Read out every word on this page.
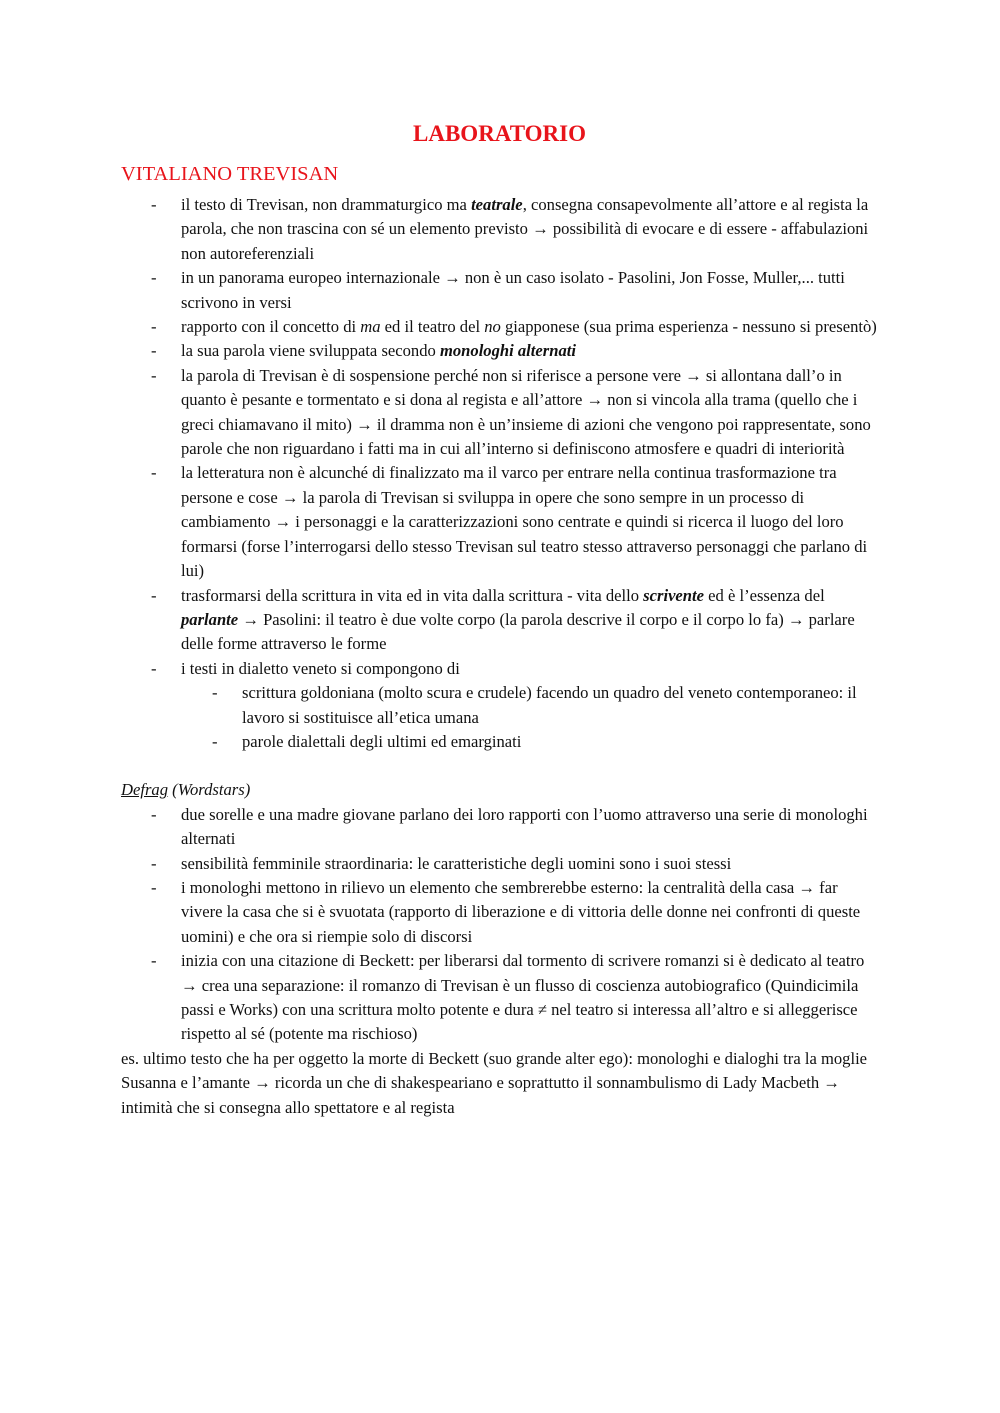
LABORATORIO
VITALIANO TREVISAN
- il testo di Trevisan, non drammaturgico ma teatrale, consegna consapevolmente all’attore e al regista la parola, che non trascina con sé un elemento previsto → possibilità di evocare e di essere - affabulazioni non autoreferenziali
- in un panorama europeo internazionale → non è un caso isolato - Pasolini, Jon Fosse, Muller,... tutti scrivono in versi
- rapporto con il concetto di ma ed il teatro del no giapponese (sua prima esperienza - nessuno si presentò)
- la sua parola viene sviluppata secondo monologhi alternati
- la parola di Trevisan è di sospensione perché non si riferisce a persone vere → si allontana dall’o in quanto è pesante e tormentato e si dona al regista e all’attore → non si vincola alla trama (quello che i greci chiamavano il mito) → il dramma non è un’insieme di azioni che vengono poi rappresentate, sono parole che non riguardano i fatti ma in cui all’interno si definiscono atmosfere e quadri di interiorità
- la letteratura non è alcunché di finalizzato ma il varco per entrare nella continua trasformazione tra persone e cose → la parola di Trevisan si sviluppa in opere che sono sempre in un processo di cambiamento → i personaggi e la caratterizzazioni sono centrate e quindi si ricerca il luogo del loro formarsi (forse l’interrogarsi dello stesso Trevisan sul teatro stesso attraverso personaggi che parlano di lui)
- trasformarsi della scrittura in vita ed in vita dalla scrittura - vita dello scrivente ed è l’essenza del parlante → Pasolini: il teatro è due volte corpo (la parola descrive il corpo e il corpo lo fa) → parlare delle forme attraverso le forme
- i testi in dialetto veneto si compongono di
- scrittura goldoniana (molto scura e crudele) facendo un quadro del veneto contemporaneo: il lavoro si sostituisce all’etica umana
- parole dialettali degli ultimi ed emarginati
Defrag (Wordstars)
- due sorelle e una madre giovane parlano dei loro rapporti con l’uomo attraverso una serie di monologhi alternati
- sensibilità femminile straordinaria: le caratteristiche degli uomini sono i suoi stessi
- i monologhi mettono in rilievo un elemento che sembrerebbe esterno: la centralità della casa → far vivere la casa che si è svuotata (rapporto di liberazione e di vittoria delle donne nei confronti di queste uomini) e che ora si riempie solo di discorsi
- inizia con una citazione di Beckett: per liberarsi dal tormento di scrivere romanzi si è dedicato al teatro → crea una separazione: il romanzo di Trevisan è un flusso di coscienza autobiografico (Quindicimila passi e Works) con una scrittura molto potente e dura ≠ nel teatro si interessa all’altro e si alleggerisce rispetto al sé (potente ma rischioso)

es. ultimo testo che ha per oggetto la morte di Beckett (suo grande alter ego): monologhi e dialoghi tra la moglie Susanna e l’amante → ricorda un che di shakespeariano e soprattutto il sonnambulismo di Lady Macbeth → intimità che si consegna allo spettatore e al regista
